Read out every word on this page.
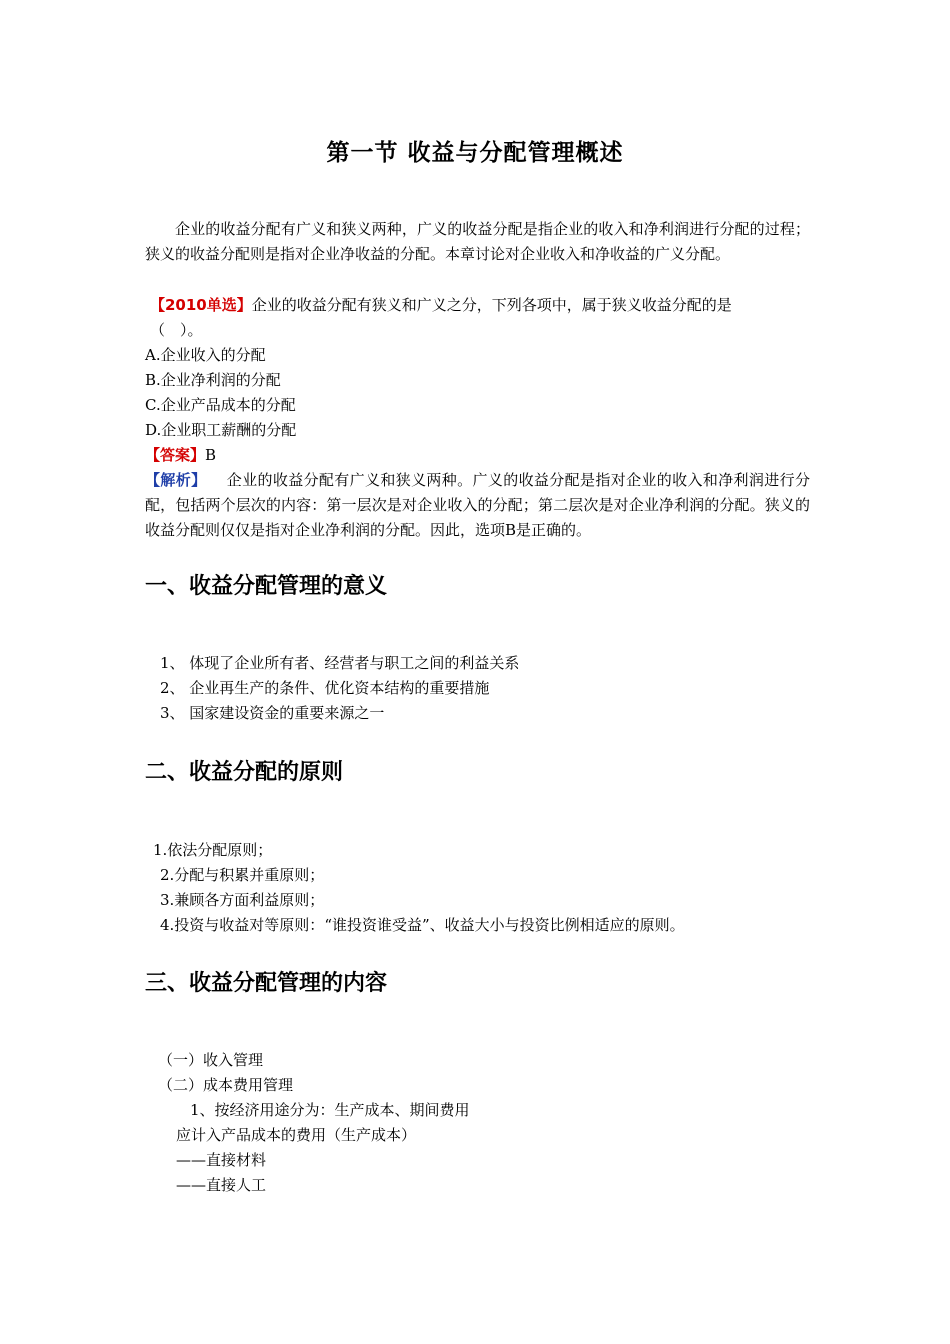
第一节 收益与分配管理概述
企业的收益分配有广义和狭义两种，广义的收益分配是指企业的收入和净利润进行分配的过程；狭义的收益分配则是指对企业净收益的分配。本章讨论对企业收入和净收益的广义分配。
【2010单选】企业的收益分配有狭义和广义之分，下列各项中，属于狭义收益分配的是
（　）。
A.企业收入的分配
B.企业净利润的分配
C.企业产品成本的分配
D.企业职工薪酬的分配
【答案】B
【解析】 企业的收益分配有广义和狭义两种。广义的收益分配是指对企业的收入和净利润进行分配，包括两个层次的内容：第一层次是对企业收入的分配；第二层次是对企业净利润的分配。狭义的收益分配则仅仅是指对企业净利润的分配。因此，选项B是正确的。
一、收益分配管理的意义
1、 体现了企业所有者、经营者与职工之间的利益关系
2、 企业再生产的条件、优化资本结构的重要措施
3、 国家建设资金的重要来源之一
二、收益分配的原则
1.依法分配原则；
2.分配与积累并重原则；
3.兼顾各方面利益原则；
4.投资与收益对等原则：“谁投资谁受益”、收益大小与投资比例相适应的原则。
三、收益分配管理的内容
（一）收入管理
（二）成本费用管理
1、按经济用途分为：生产成本、期间费用
应计入产品成本的费用（生产成本）
——直接材料
——直接人工
